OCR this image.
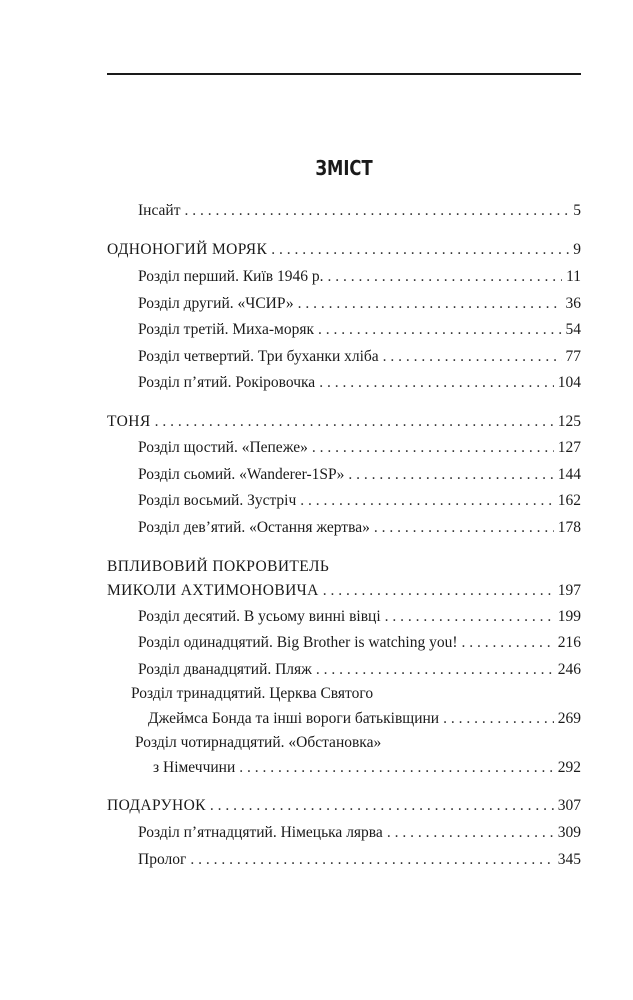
ЗМІСТ
Інсайт . . .	5
ОДНОНОГИЙ МОРЯК . . .	9
Розділ перший. Київ 1946 р. . . .	11
Розділ другий. «ЧСИР» . . .	36
Розділ третій. Миха-моряк . . .	54
Розділ четвертий. Три буханки хліба . . .	77
Розділ п’ятий. Рокіровочка . . .	104
ТОНЯ . . .	125
Розділ щостий. «Пепеже» . . .	127
Розділ сьомий. «Wanderer-1SP» . . .	144
Розділ восьмий. Зустріч . . .	162
Розділ дев’ятий. «Остання жертва» . . .	178
ВПЛИВОВИЙ ПОКРОВИТЕЛЬ
МИКОЛИ АХТИМОНОВИЧА . . .	197
Розділ десятий. В усьому винні вівці . . .	199
Розділ одинадцятий. Big Brother is watching you! . . .	216
Розділ дванадцятий. Пляж . . .	246
Розділ тринадцятий. Церква Святого
Джеймса Бонда та інші вороги батьківщини . . .	269
Розділ чотирнадцятий. «Обстановка»
з Німеччини . . .	292
ПОДАРУНОК . . .	307
Розділ п’ятнадцятий. Німецька лярва . . .	309
Пролог . . .	345
